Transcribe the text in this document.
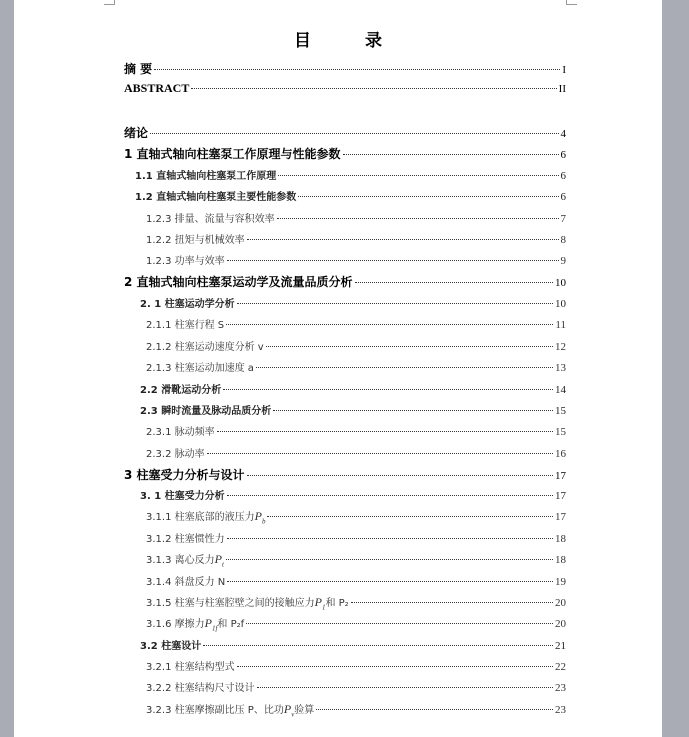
目 录
摘 要	I
ABSTRACT	II
绪论	4
1 直轴式轴向柱塞泵工作原理与性能参数	6
1.1 直轴式轴向柱塞泵工作原理	6
1.2 直轴式轴向柱塞泵主要性能参数	6
1.2.3 排量、流量与容积效率	7
1.2.2 扭矩与机械效率	8
1.2.3 功率与效率	9
2 直轴式轴向柱塞泵运动学及流量品质分析	10
2. 1 柱塞运动学分析	10
2.1.1 柱塞行程 S	11
2.1.2 柱塞运动速度分析 v	12
2.1.3 柱塞运动加速度 a	13
2.2 滑靴运动分析	14
2.3 瞬时流量及脉动品质分析	15
2.3.1 脉动频率	15
2.3.2 脉动率	16
3 柱塞受力分析与设计	17
3. 1 柱塞受力分析	17
3.1.1 柱塞底部的液压力 $P_b$	17
3.1.2 柱塞惯性力	18
3.1.3 离心反力 $P_t$	18
3.1.4 斜盘反力 N	19
3.1.5 柱塞与柱塞腔壁之间的接触应力 $P_1$ 和 P₂	20
3.1.6 摩擦力 $P_{1f}$ 和 P₂f	20
3.2 柱塞设计	21
3.2.1 柱塞结构型式	22
3.2.2 柱塞结构尺寸设计	23
3.2.3 柱塞摩擦副比压 P、比功 $P_v$ 验算	23
